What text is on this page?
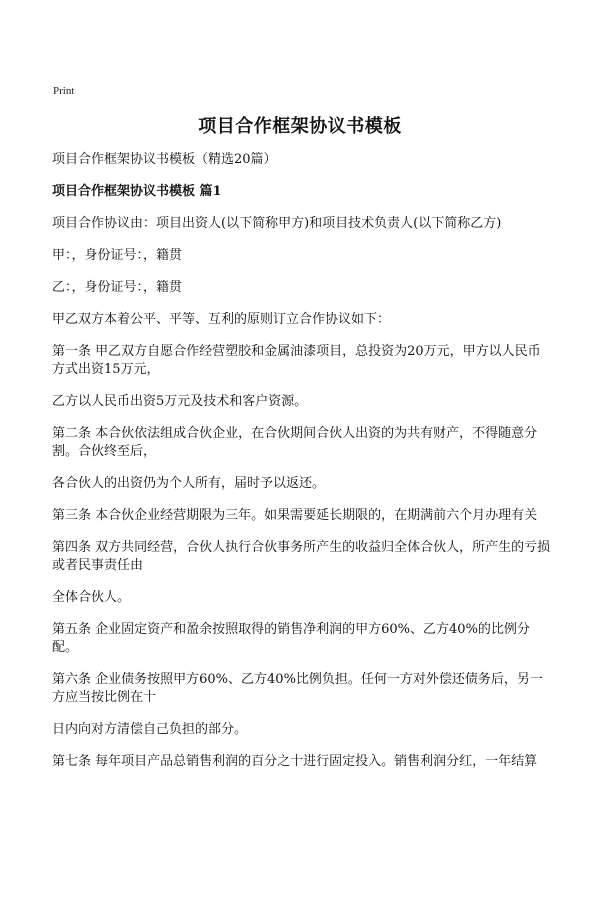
Print
项目合作框架协议书模板

项目合作框架协议书模板（精选20篇）

项目合作框架协议书模板 篇1

项目合作协议由：项目出资人(以下简称甲方)和项目技术负责人(以下简称乙方)

甲：，身份证号：，籍贯

乙：，身份证号：，籍贯

甲乙双方本着公平、平等、互利的原则订立合作协议如下：

第一条 甲乙双方自愿合作经营塑胶和金属油漆项目，总投资为20万元，甲方以人民币方式出资15万元，

乙方以人民币出资5万元及技术和客户资源。

第二条 本合伙依法组成合伙企业，在合伙期间合伙人出资的为共有财产，不得随意分割。合伙终至后，

各合伙人的出资仍为个人所有，届时予以返还。

第三条 本合伙企业经营期限为三年。如果需要延长期限的，在期满前六个月办理有关

第四条 双方共同经营，合伙人执行合伙事务所产生的收益归全体合伙人，所产生的亏损或者民事责任由

全体合伙人。

第五条 企业固定资产和盈余按照取得的销售净利润的甲方60%、乙方40%的比例分配。

第六条 企业债务按照甲方60%、乙方40%比例负担。任何一方对外偿还债务后，另一方应当按比例在十

日内向对方清偿自己负担的部分。

第七条 每年项目产品总销售利润的百分之十进行固定投入。销售利润分红，一年结算
